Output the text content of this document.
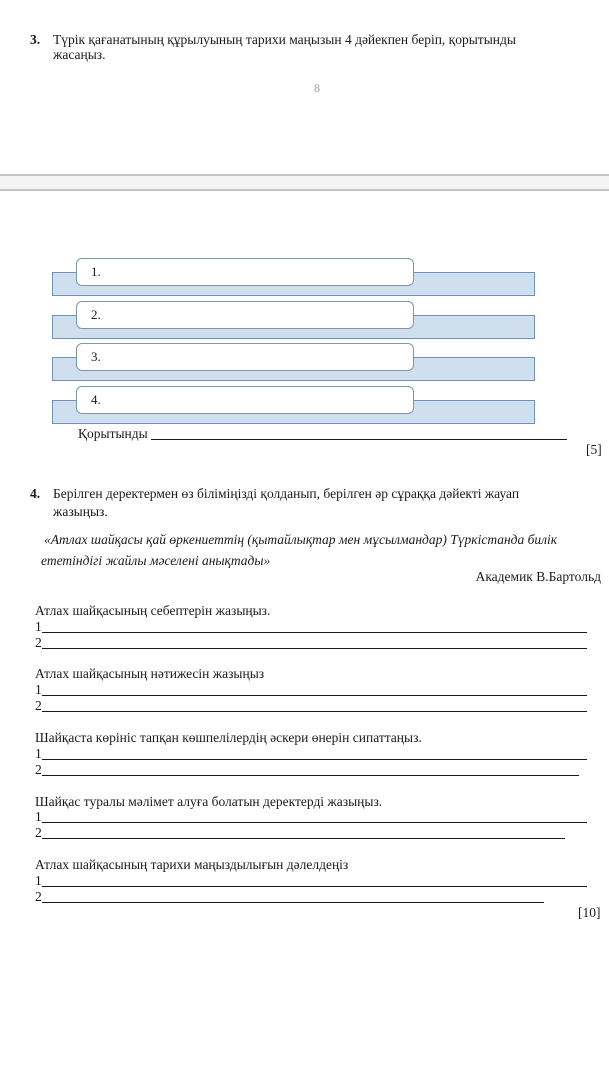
3. Түрік қағанатының құрылуының тарихи маңызын 4 дәйекпен беріп, қорытынды
жасаңыз.
8
1.
2.
3.
4.
Қорытынды
[5]
4. Берілген деректермен өз біліміңізді қолданып, берілген әр сұраққа дәйекті жауап
жазыңыз.
«Атлах шайқасы қай өркениеттің (қытайлықтар мен мұсылмандар) Түркістанда билік
ететіндігі жайлы мәселені анықтады»
Академик В.Бартольд
Атлах шайқасының себептерін жазыңыз.
1
2
Атлах шайқасының нәтижесін жазыңыз
1
2
Шайқаста көрініс тапқан көшпелілердің әскери өнерін сипаттаңыз.
1
2
Шайқас туралы мәлімет алуға болатын деректерді жазыңыз.
1
2
Атлах шайқасының тарихи маңыздылығын дәлелдеңіз
1
2
[10]
